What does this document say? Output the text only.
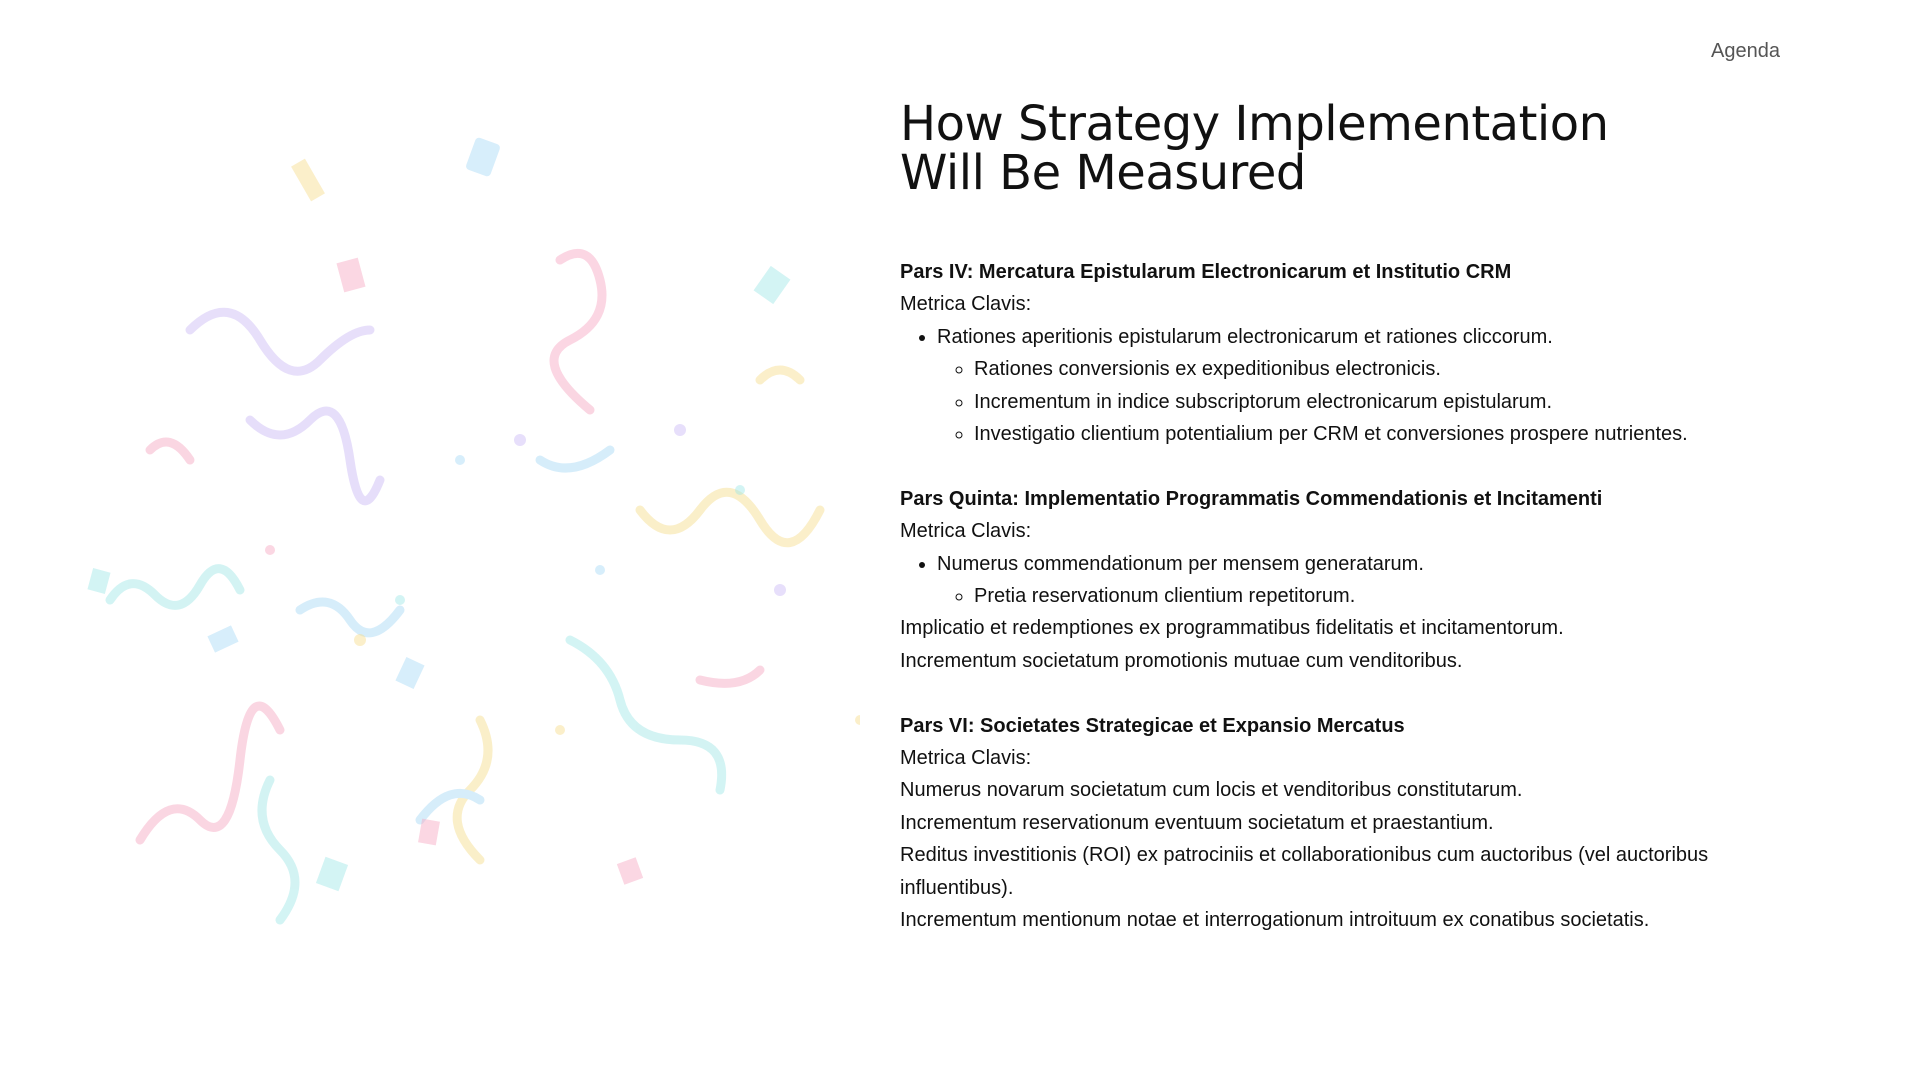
Agenda
How Strategy Implementation
Will Be Measured
Pars IV: Mercatura Epistularum Electronicarum et Institutio CRM
Metrica Clavis:
• Rationes aperitionis epistularum electronicarum et rationes cliccorum.
◦ Rationes conversionis ex expeditionibus electronicis.
◦ Incrementum in indice subscriptorum electronicarum epistularum.
◦ Investigatio clientium potentialium per CRM et conversiones prospere nutrientes.
Pars Quinta: Implementatio Programmatis Commendationis et Incitamenti
Metrica Clavis:
• Numerus commendationum per mensem generatarum.
◦ Pretia reservationum clientium repetitorum.

Implicatio et redemptiones ex programmatibus fidelitatis et incitamentorum.

Incrementum societatum promotionis mutuae cum venditoribus.

Pars VI: Societates Strategicae et Expansio Mercatus
Metrica Clavis:

Numerus novarum societatum cum locis et venditoribus constitutarum.

Incrementum reservationum eventuum societatum et praestantium.

Reditus investitionis (ROI) ex patrociniis et collaborationibus cum auctoribus (vel auctoribus influentibus).

Incrementum mentionum notae et interrogationum introituum ex conatibus societatis.
